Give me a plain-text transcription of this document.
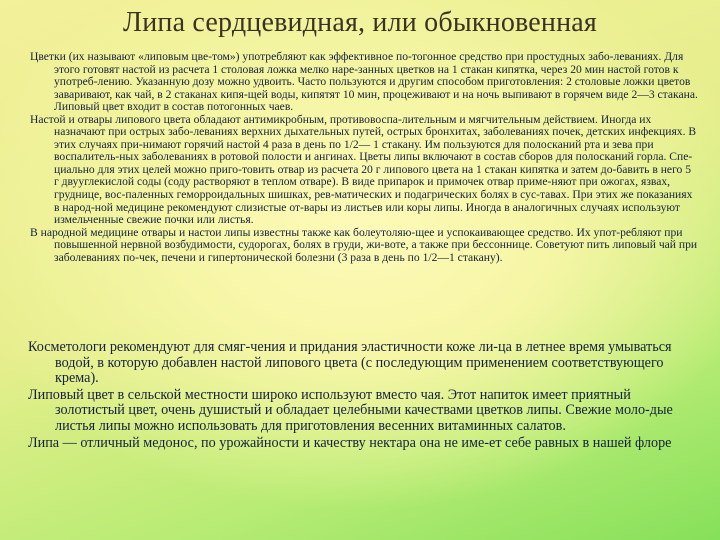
Липа сердцевидная, или обыкновенная

Цветки (их называют «липовым цве-том») употребляют как эффективное по-тогонное средство при простудных забо-леваниях. Для этого готовят настой из расчета 1 столовая ложка мелко наре-занных цветков на 1 стакан кипятка, через 20 мин настой готов к употреб-лению. Указанную дозу можно удвоить. Часто пользуются и другим способом приготовления: 2 столовые ложки цветов заваривают, как чай, в 2 стаканах кипя-щей воды, кипятят 10 мин, процеживают и на ночь выпивают в горячем виде 2—3 стакана. Липовый цвет входит в состав потогонных чаев.

Настой и отвары липового цвета обладают антимикробным, противовоспа-лительным и мягчительным действием. Иногда их назначают при острых забо-леваниях верхних дыхательных путей, острых бронхитах, заболеваниях почек, детских инфекциях. В этих случаях при-нимают горячий настой 4 раза в день по 1/2— 1 стакану. Им пользуются для полосканий рта и зева при воспалитель-ных заболеваниях в ротовой полости и ангинах. Цветы липы включают в состав сборов для полосканий горла. Спе-циально для этих целей можно приго-товить отвар из расчета 20 г липового цвета на 1 стакан кипятка и затем до-бавить в него 5 г двууглекислой соды (соду растворяют в теплом отваре). В виде припарок и примочек отвар приме-няют при ожогах, язвах, груднице, вос-паленных геморроидальных шишках, рев-матических и подагрических болях в сус-тавах. При этих же показаниях в народ-ной медицине рекомендуют слизистые от-вары из листьев или коры липы. Иногда в аналогичных случаях используют измельченные свежие почки или листья.

В народной медицине отвары и настои липы известны также как болеутоляю-щее и успокаивающее средство. Их упот-ребляют при повышенной нервной возбудимости, судорогах, болях в груди, жи-воте, а также при бессоннице. Советуют пить липовый чай при заболеваниях по-чек, печени и гипертонической болезни (3 раза в день по 1/2—1 стакану).

Косметологи рекомендуют для смяг-чения и придания эластичности коже ли-ца в летнее время умываться водой, в которую добавлен настой липового цвета (с последующим применением соответствующего крема).

Липовый цвет в сельской местности широко используют вместо чая. Этот напиток имеет приятный золотистый цвет, очень душистый и обладает целебными качествами цветков липы. Свежие моло-дые листья липы можно использовать для приготовления весенних витаминных салатов.

Липа — отличный медонос, по урожайности и качеству нектара она не име-ет себе равных в нашей флоре
